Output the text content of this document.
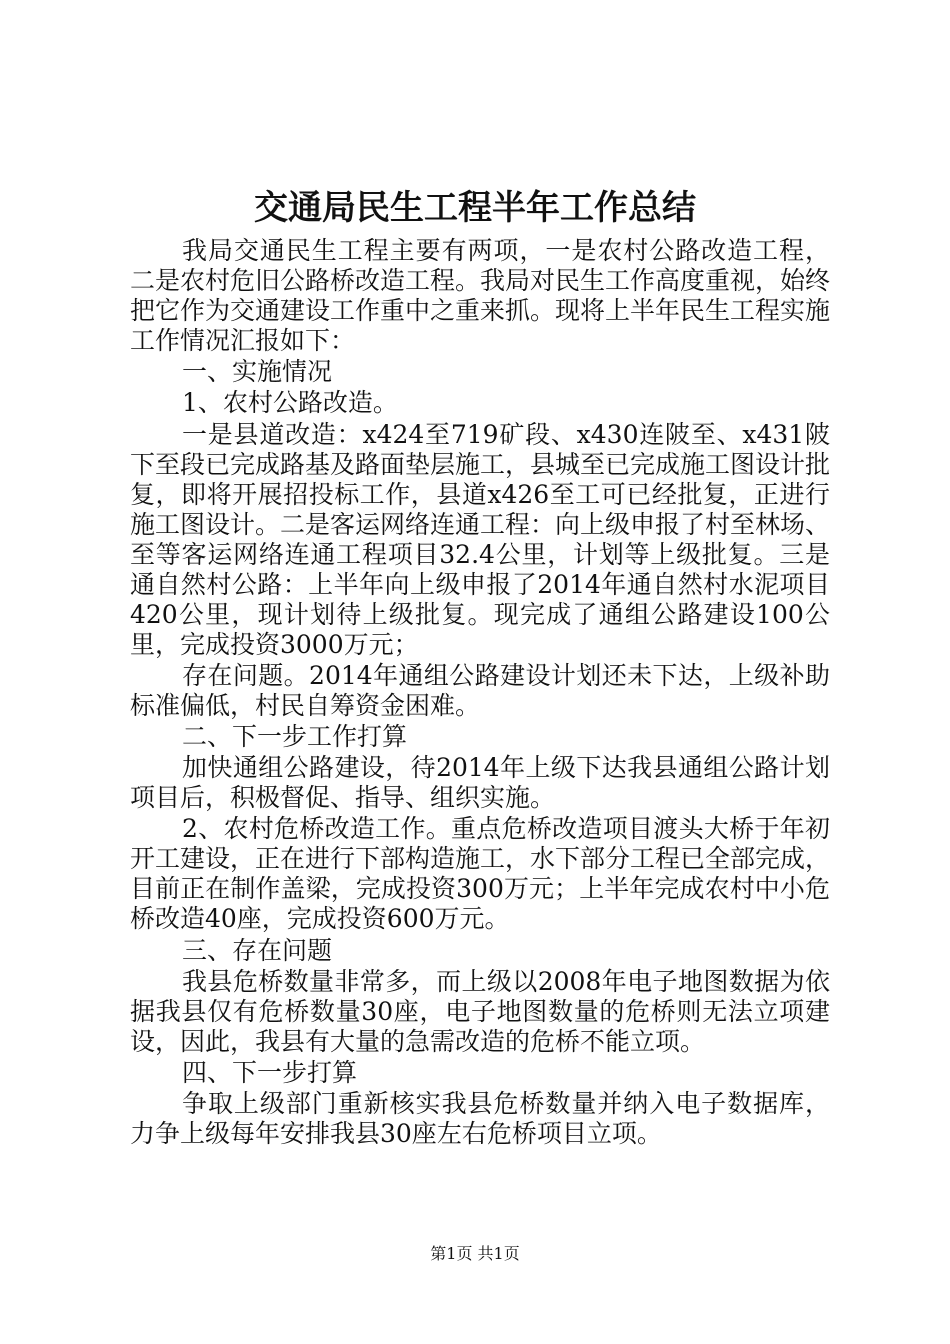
交通局民生工程半年工作总结

我局交通民生工程主要有两项，一是农村公路改造工程，二是农村危旧公路桥改造工程。我局对民生工作高度重视，始终把它作为交通建设工作重中之重来抓。现将上半年民生工程实施工作情况汇报如下：

一、实施情况

1、农村公路改造。

一是县道改造：x424至719矿段、x430连陂至、x431陂下至段已完成路基及路面垫层施工，县城至已完成施工图设计批复，即将开展招投标工作，县道x426至工可已经批复，正进行施工图设计。二是客运网络连通工程：向上级申报了村至林场、至等客运网络连通工程项目32.4公里，计划等上级批复。三是通自然村公路：上半年向上级申报了2014年通自然村水泥项目420公里，现计划待上级批复。现完成了通组公路建设100公里，完成投资3000万元；

存在问题。2014年通组公路建设计划还未下达，上级补助标准偏低，村民自筹资金困难。

二、下一步工作打算

加快通组公路建设，待2014年上级下达我县通组公路计划项目后，积极督促、指导、组织实施。

2、农村危桥改造工作。重点危桥改造项目渡头大桥于年初开工建设，正在进行下部构造施工，水下部分工程已全部完成，目前正在制作盖梁，完成投资300万元；上半年完成农村中小危桥改造40座，完成投资600万元。

三、存在问题

我县危桥数量非常多，而上级以2008年电子地图数据为依据我县仅有危桥数量30座，电子地图数量的危桥则无法立项建设，因此，我县有大量的急需改造的危桥不能立项。

四、下一步打算

争取上级部门重新核实我县危桥数量并纳入电子数据库，力争上级每年安排我县30座左右危桥项目立项。

第1页 共1页
